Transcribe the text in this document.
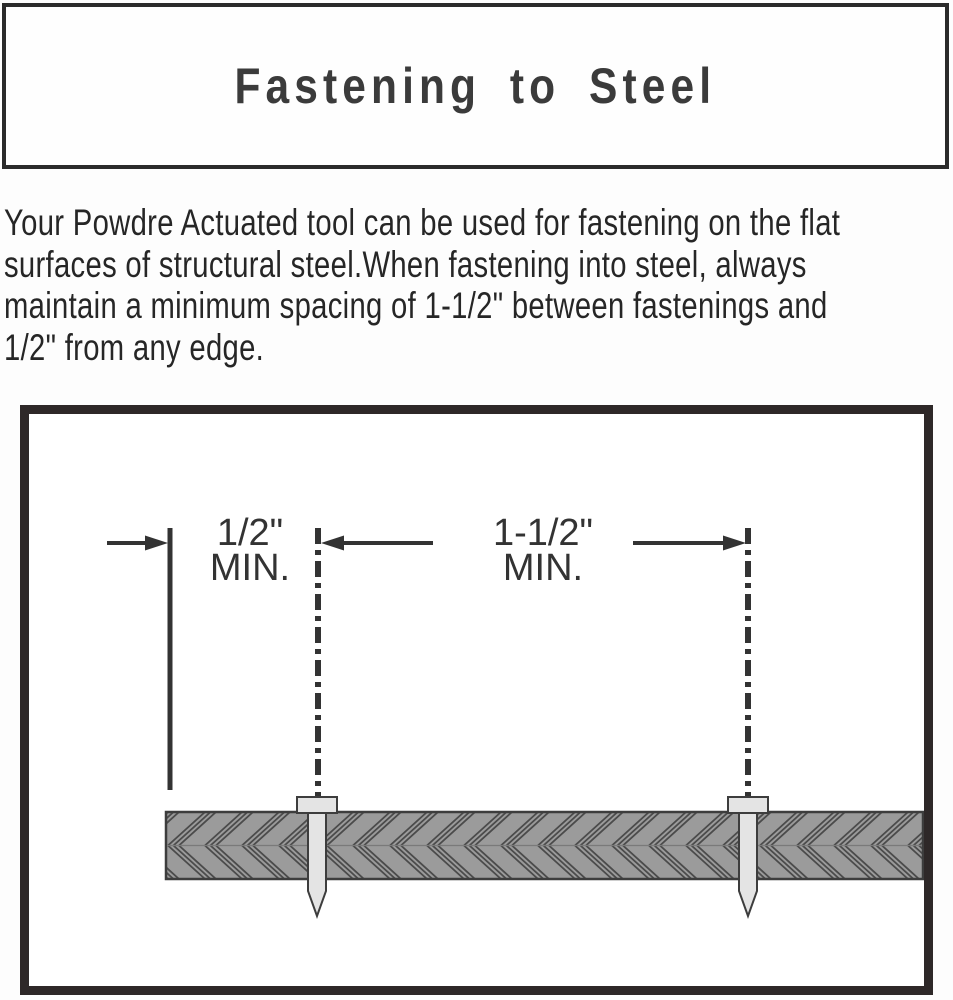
Fastening to Steel
Your Powdre Actuated tool can be used for fastening on the flat
surfaces of structural steel.When fastening into steel, always
maintain a minimum spacing of 1-1/2" between fastenings and
1/2" from any edge.
1/2"
MIN.
1-1/2"
MIN.
